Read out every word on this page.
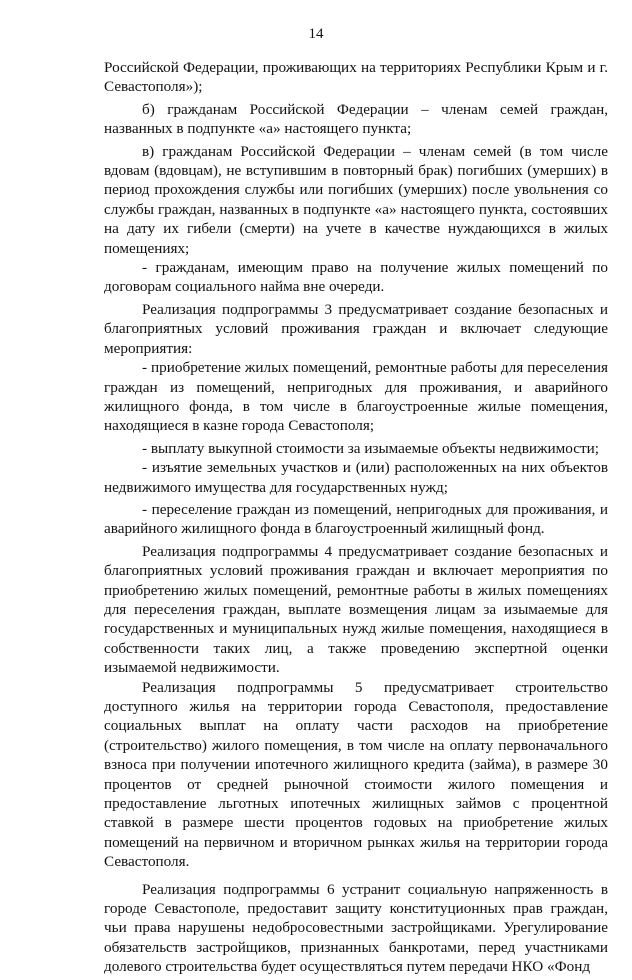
14

Российской Федерации, проживающих на территориях Республики Крым и г. Севастополя»);

б) гражданам Российской Федерации – членам семей граждан, названных в подпункте «а» настоящего пункта;

в) гражданам Российской Федерации – членам семей (в том числе вдовам (вдовцам), не вступившим в повторный брак) погибших (умерших) в период прохождения службы или погибших (умерших) после увольнения со службы граждан, названных в подпункте «а» настоящего пункта, состоявших на дату их гибели (смерти) на учете в качестве нуждающихся в жилых помещениях;

- гражданам, имеющим право на получение жилых помещений по договорам социального найма вне очереди.

Реализация подпрограммы 3 предусматривает создание безопасных и благоприятных условий проживания граждан и включает следующие мероприятия:

- приобретение жилых помещений, ремонтные работы для переселения граждан из помещений, непригодных для проживания, и аварийного жилищного фонда, в том числе в благоустроенные жилые помещения, находящиеся в казне города Севастополя;

- выплату выкупной стоимости за изымаемые объекты недвижимости;

- изъятие земельных участков и (или) расположенных на них объектов недвижимого имущества для государственных нужд;

- переселение граждан из помещений, непригодных для проживания, и аварийного жилищного фонда в благоустроенный жилищный фонд.

Реализация подпрограммы 4 предусматривает создание безопасных и благоприятных условий проживания граждан и включает мероприятия по приобретению жилых помещений, ремонтные работы в жилых помещениях для переселения граждан, выплате возмещения лицам за изымаемые для государственных и муниципальных нужд жилые помещения, находящиеся в собственности таких лиц, а также проведению экспертной оценки изымаемой недвижимости.

Реализация подпрограммы 5 предусматривает строительство доступного жилья на территории города Севастополя, предоставление социальных выплат на оплату части расходов на приобретение (строительство) жилого помещения, в том числе на оплату первоначального взноса при получении ипотечного жилищного кредита (займа), в размере 30 процентов от средней рыночной стоимости жилого помещения и предоставление льготных ипотечных жилищных займов с процентной ставкой в размере шести процентов годовых на приобретение жилых помещений на первичном и вторичном рынках жилья на территории города Севастополя.

Реализация подпрограммы 6 устранит социальную напряженность в городе Севастополе, предоставит защиту конституционных прав граждан, чьи права нарушены недобросовестными застройщиками. Урегулирование обязательств застройщиков, признанных банкротами, перед участниками долевого строительства будет осуществляться путем передачи НКО «Фонд
